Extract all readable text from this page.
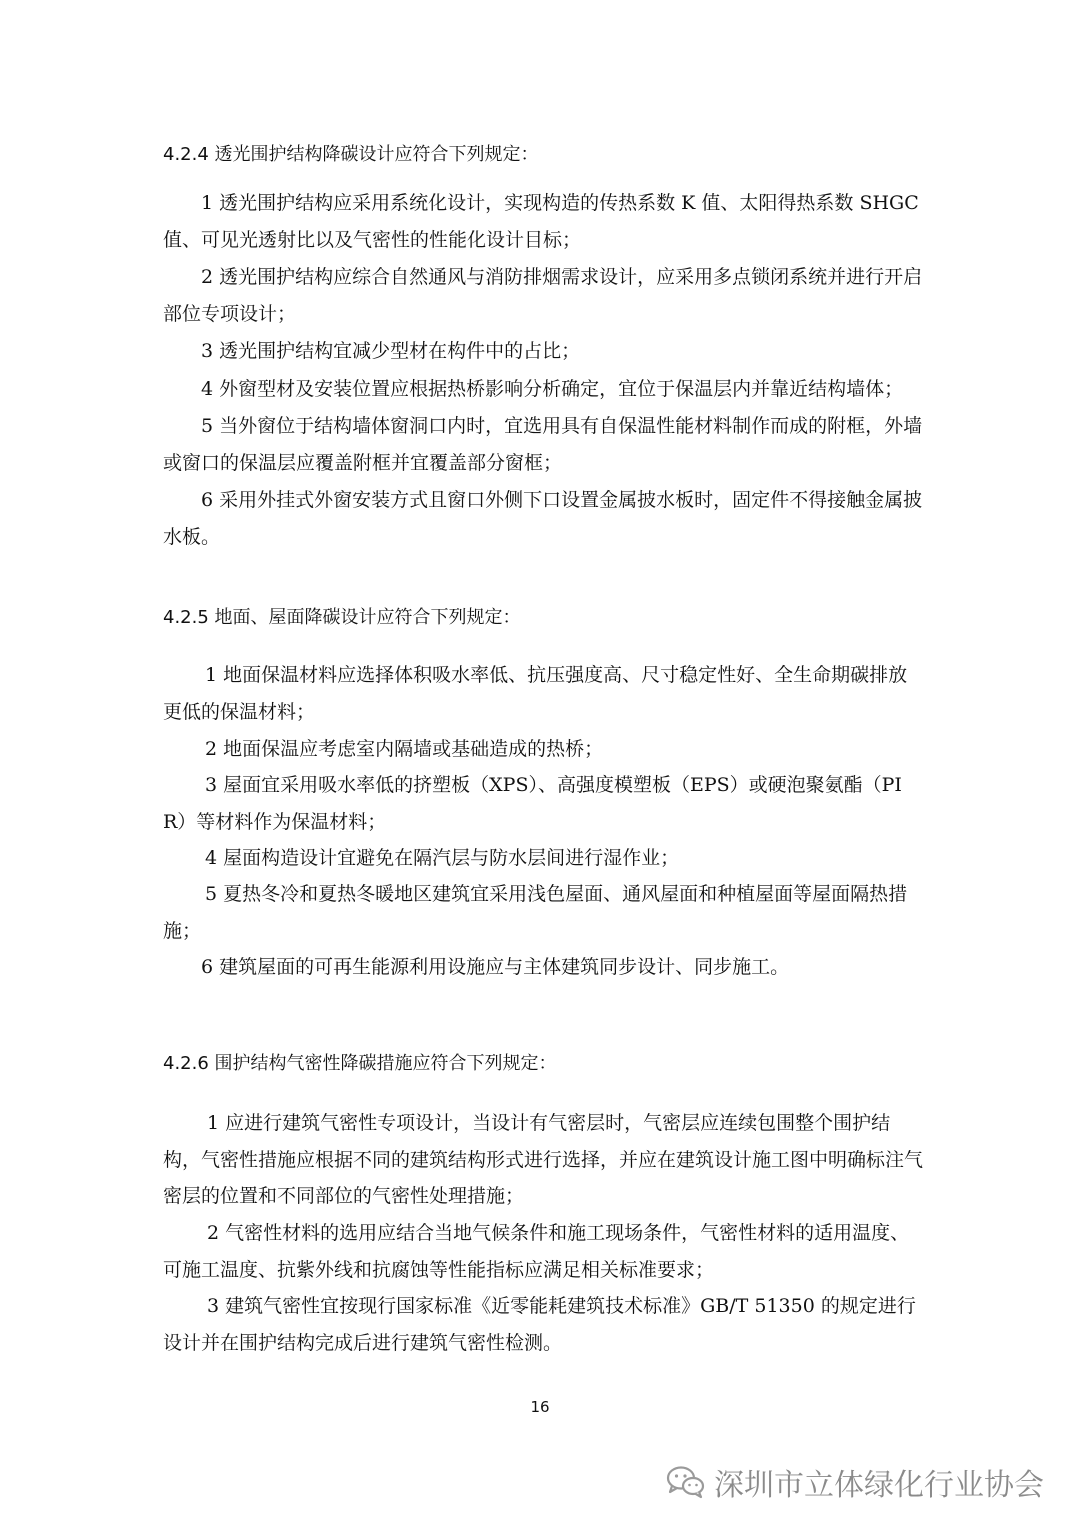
4.2.4 透光围护结构降碳设计应符合下列规定：
1 透光围护结构应采用系统化设计，实现构造的传热系数 K 值、太阳得热系数 SHGC 值、可见光透射比以及气密性的性能化设计目标；
2 透光围护结构应综合自然通风与消防排烟需求设计，应采用多点锁闭系统并进行开启部位专项设计；
3 透光围护结构宜减少型材在构件中的占比；
4 外窗型材及安装位置应根据热桥影响分析确定，宜位于保温层内并靠近结构墙体；
5 当外窗位于结构墙体窗洞口内时，宜选用具有自保温性能材料制作而成的附框，外墙或窗口的保温层应覆盖附框并宜覆盖部分窗框；
6 采用外挂式外窗安装方式且窗口外侧下口设置金属披水板时，固定件不得接触金属披水板。
4.2.5 地面、屋面降碳设计应符合下列规定：
1 地面保温材料应选择体积吸水率低、抗压强度高、尺寸稳定性好、全生命期碳排放更低的保温材料；
2 地面保温应考虑室内隔墙或基础造成的热桥；
3 屋面宜采用吸水率低的挤塑板（XPS）、高强度模塑板（EPS）或硬泡聚氨酯（PIR）等材料作为保温材料；
4 屋面构造设计宜避免在隔汽层与防水层间进行湿作业；
5 夏热冬冷和夏热冬暖地区建筑宜采用浅色屋面、通风屋面和种植屋面等屋面隔热措施；
6 建筑屋面的可再生能源利用设施应与主体建筑同步设计、同步施工。
4.2.6 围护结构气密性降碳措施应符合下列规定：
1 应进行建筑气密性专项设计，当设计有气密层时，气密层应连续包围整个围护结构，气密性措施应根据不同的建筑结构形式进行选择，并应在建筑设计施工图中明确标注气密层的位置和不同部位的气密性处理措施；
2 气密性材料的选用应结合当地气候条件和施工现场条件，气密性材料的适用温度、可施工温度、抗紫外线和抗腐蚀等性能指标应满足相关标准要求；
3 建筑气密性宜按现行国家标准《近零能耗建筑技术标准》GB/T 51350 的规定进行设计并在围护结构完成后进行建筑气密性检测。
16
深圳市立体绿化行业协会
